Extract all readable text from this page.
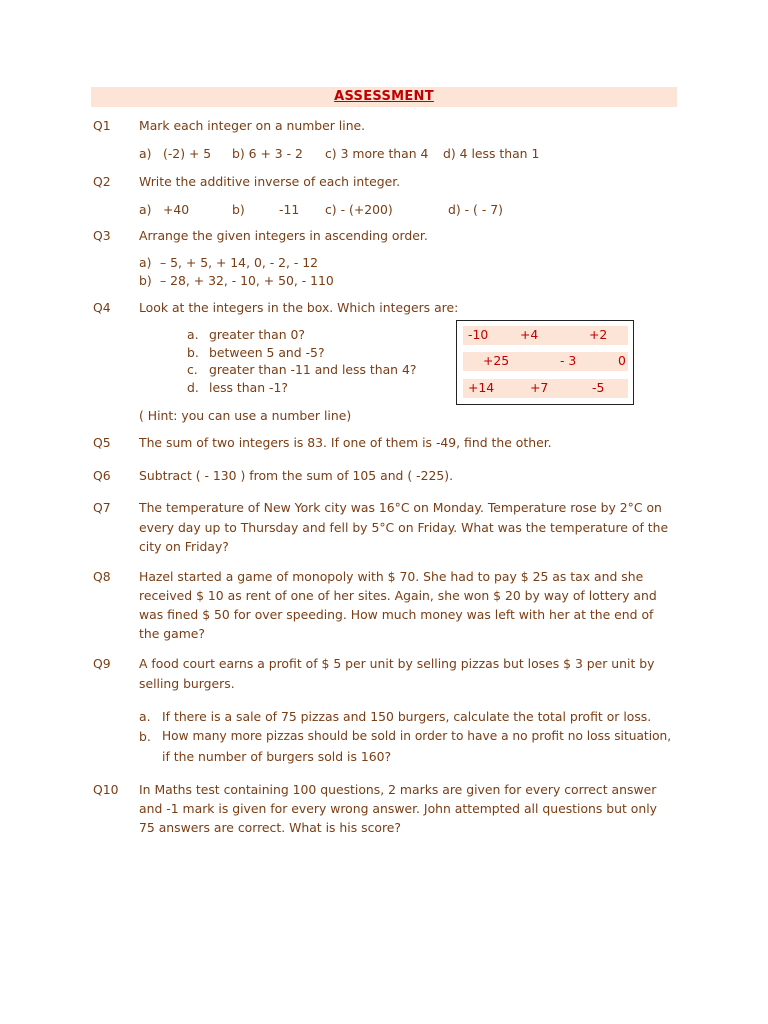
ASSESSMENT
Q1 Mark each integer on a number line.
a) (-2) + 5 b) 6 + 3 - 2 c) 3 more than 4 d) 4 less than 1
Q2 Write the additive inverse of each integer.
a) +40	b)	-11 c) - (+200)	d) - ( - 7)
Q3 Arrange the given integers in ascending order.
a) – 5, + 5, + 14, 0, - 2, - 12
b) – 28, + 32, - 10, + 50, - 110
Q4 Look at the integers in the box. Which integers are:
a. greater than 0?
b. between 5 and -5?
c. greater than -11 and less than 4?
d. less than -1?
( Hint: you can use a number line)
-10	+4	+2
+25	- 3	0
+14	+7	-5
Q5 The sum of two integers is 83. If one of them is -49, find the other.
Q6 Subtract ( - 130 ) from the sum of 105 and ( -225).
Q7 The temperature of New York city was 16°C on Monday. Temperature rose by 2°C on
every day up to Thursday and fell by 5°C on Friday. What was the temperature of the
city on Friday?
Q8 Hazel started a game of monopoly with $ 70. She had to pay $ 25 as tax and she
received $ 10 as rent of one of her sites. Again, she won $ 20 by way of lottery and
was fined $ 50 for over speeding. How much money was left with her at the end of
the game?
Q9 A food court earns a profit of $ 5 per unit by selling pizzas but loses $ 3 per unit by
selling burgers.
a. If there is a sale of 75 pizzas and 150 burgers, calculate the total profit or loss.
b. How many more pizzas should be sold in order to have a no profit no loss situation,
if the number of burgers sold is 160?
Q10 In Maths test containing 100 questions, 2 marks are given for every correct answer
and -1 mark is given for every wrong answer. John attempted all questions but only
75 answers are correct. What is his score?
